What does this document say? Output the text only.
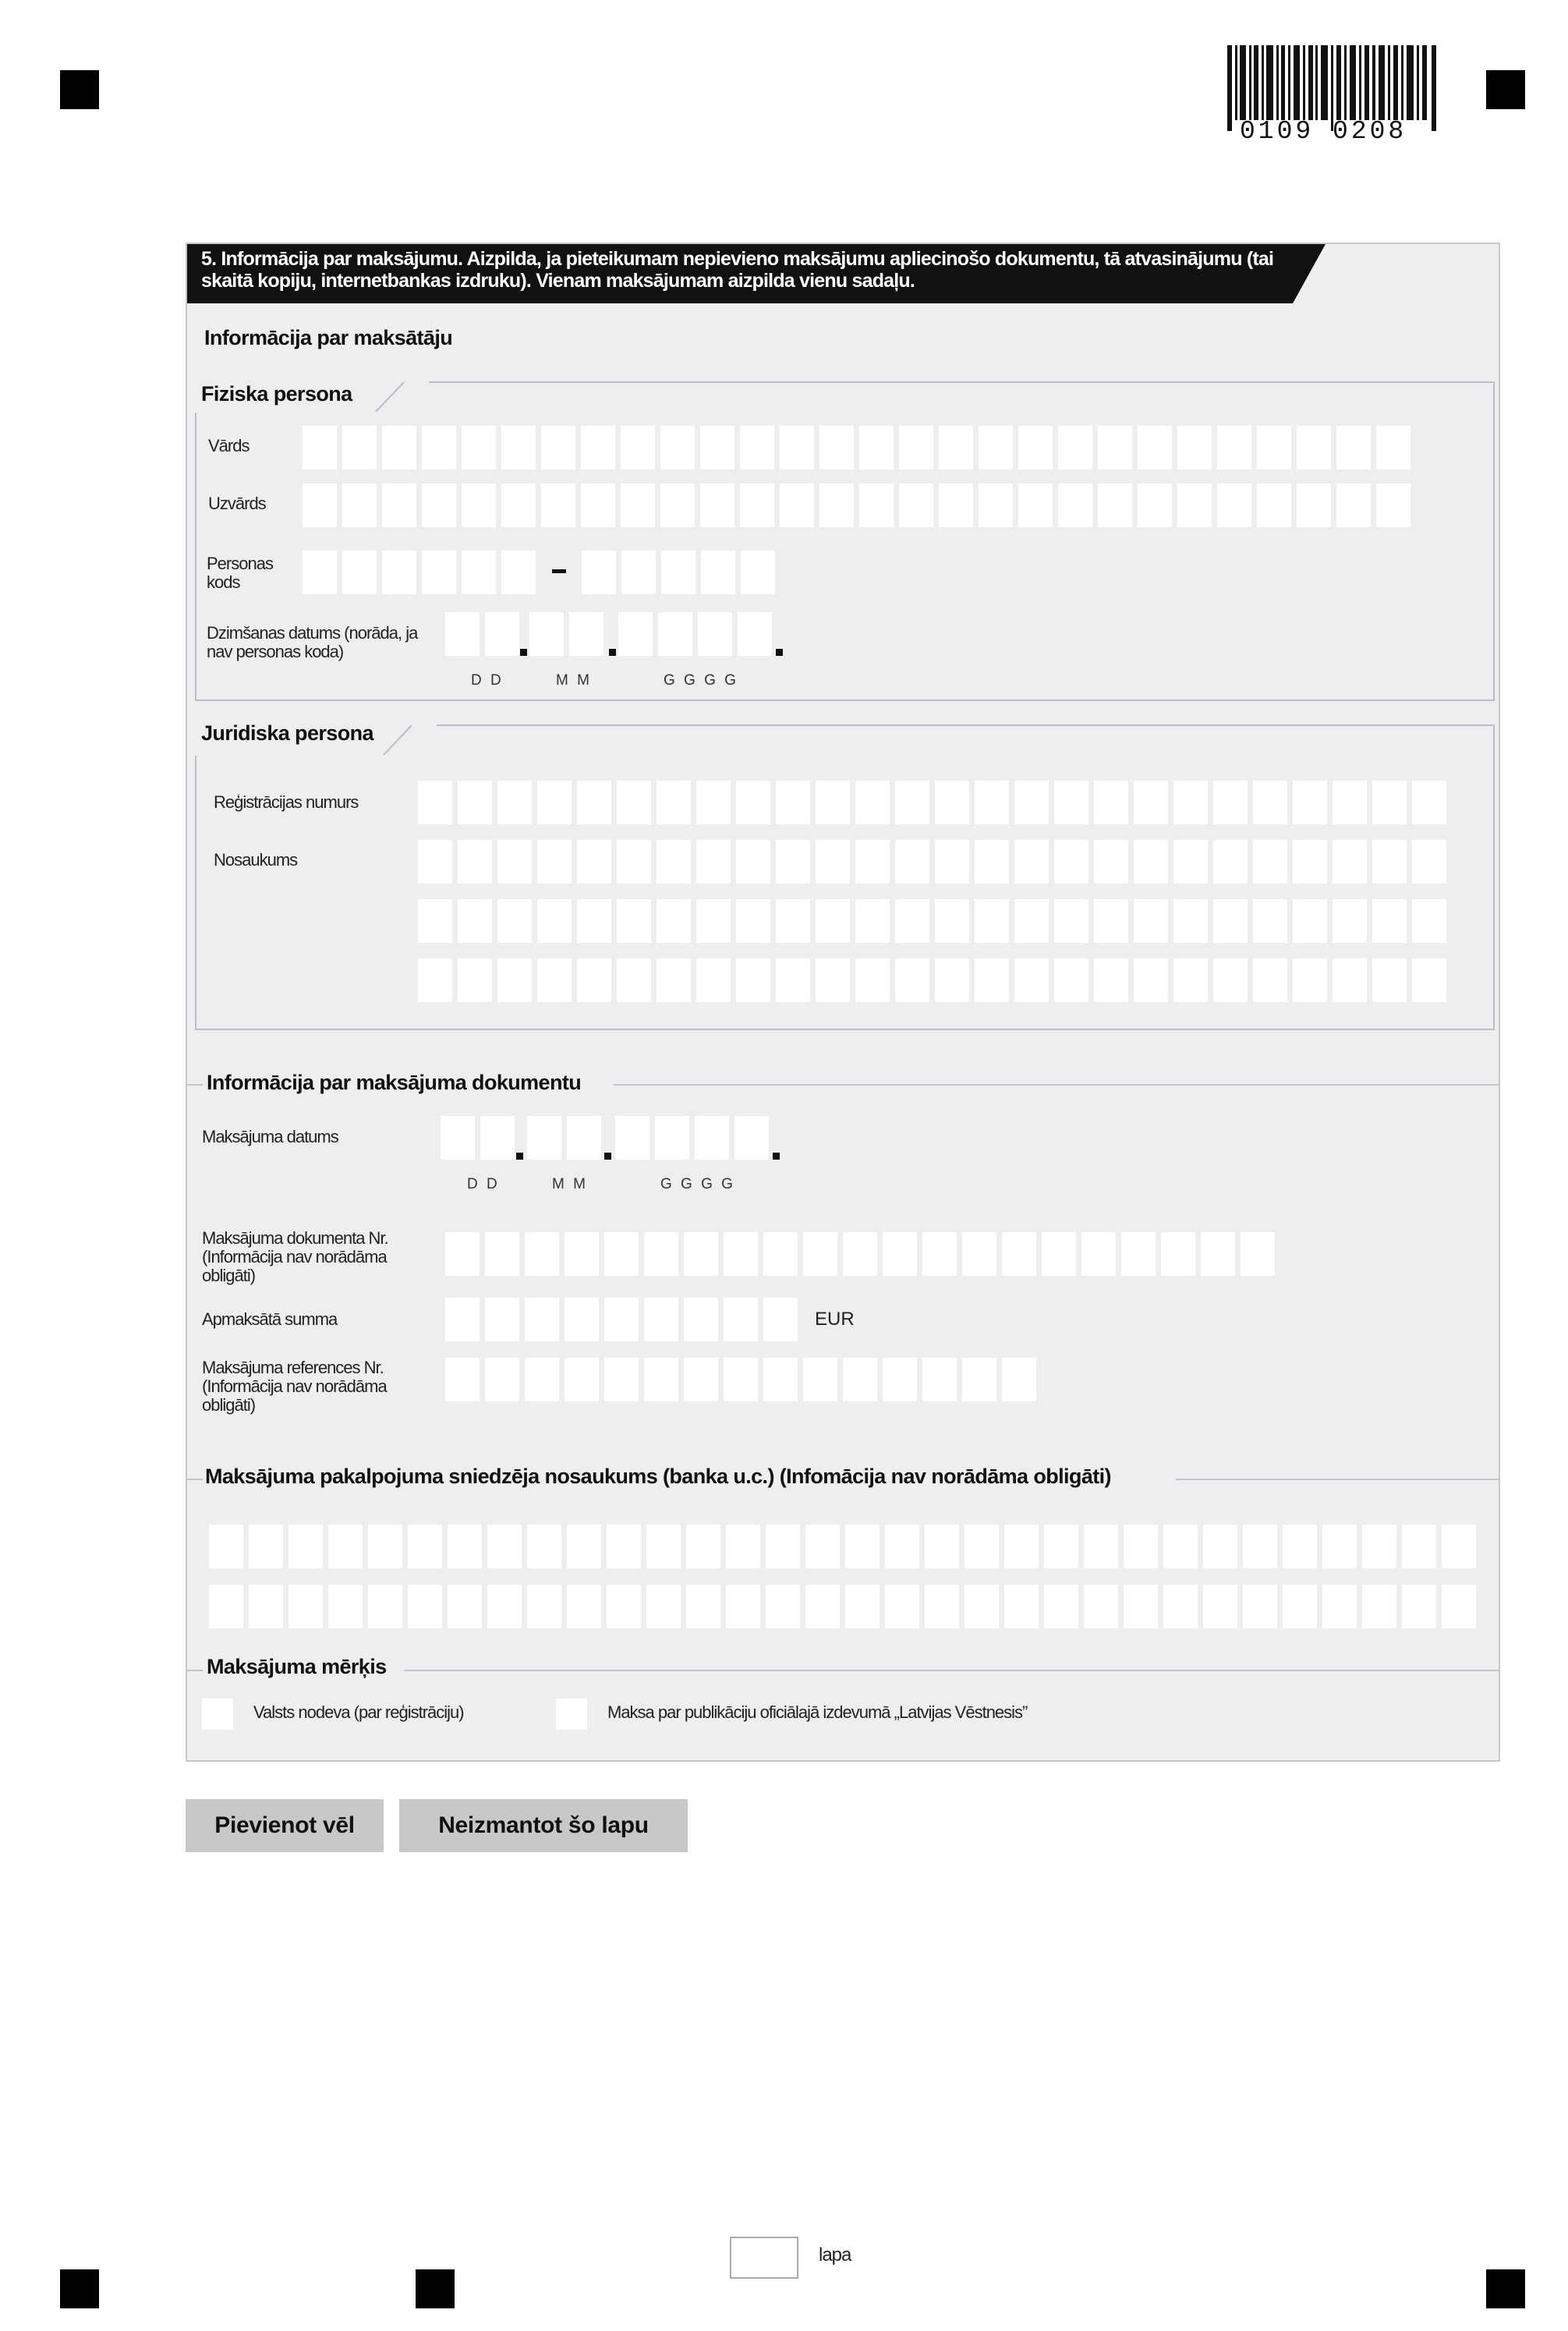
0109 0208
5. Informācija par maksājumu. Aizpilda, ja pieteikumam nepievieno maksājumu apliecinošo dokumentu, tā atvasinājumu (tai skaitā kopiju, internetbankas izdruku). Vienam maksājumam aizpilda vienu sadaļu.
Informācija par maksātāju
Fiziska persona
Vārds
Uzvārds
Personas kods
Dzimšanas datums (norāda, ja nav personas koda)
D D	M M	G G G G
Juridiska persona
Reģistrācijas numurs
Nosaukums
Informācija par maksājuma dokumentu
Maksājuma datums
D D	M M	G G G G
Maksājuma dokumenta Nr. (Informācija nav norādāma obligāti)
Apmaksātā summa	EUR
Maksājuma references Nr. (Informācija nav norādāma obligāti)
Maksājuma pakalpojuma sniedzēja nosaukums (banka u.c.) (Infomācija nav norādāma obligāti)
Maksājuma mērķis
Valsts nodeva (par reģistrāciju)	Maksa par publikāciju oficiālajā izdevumā „Latvijas Vēstnesis”
Pievienot vēl	Neizmantot šo lapu
lapa
